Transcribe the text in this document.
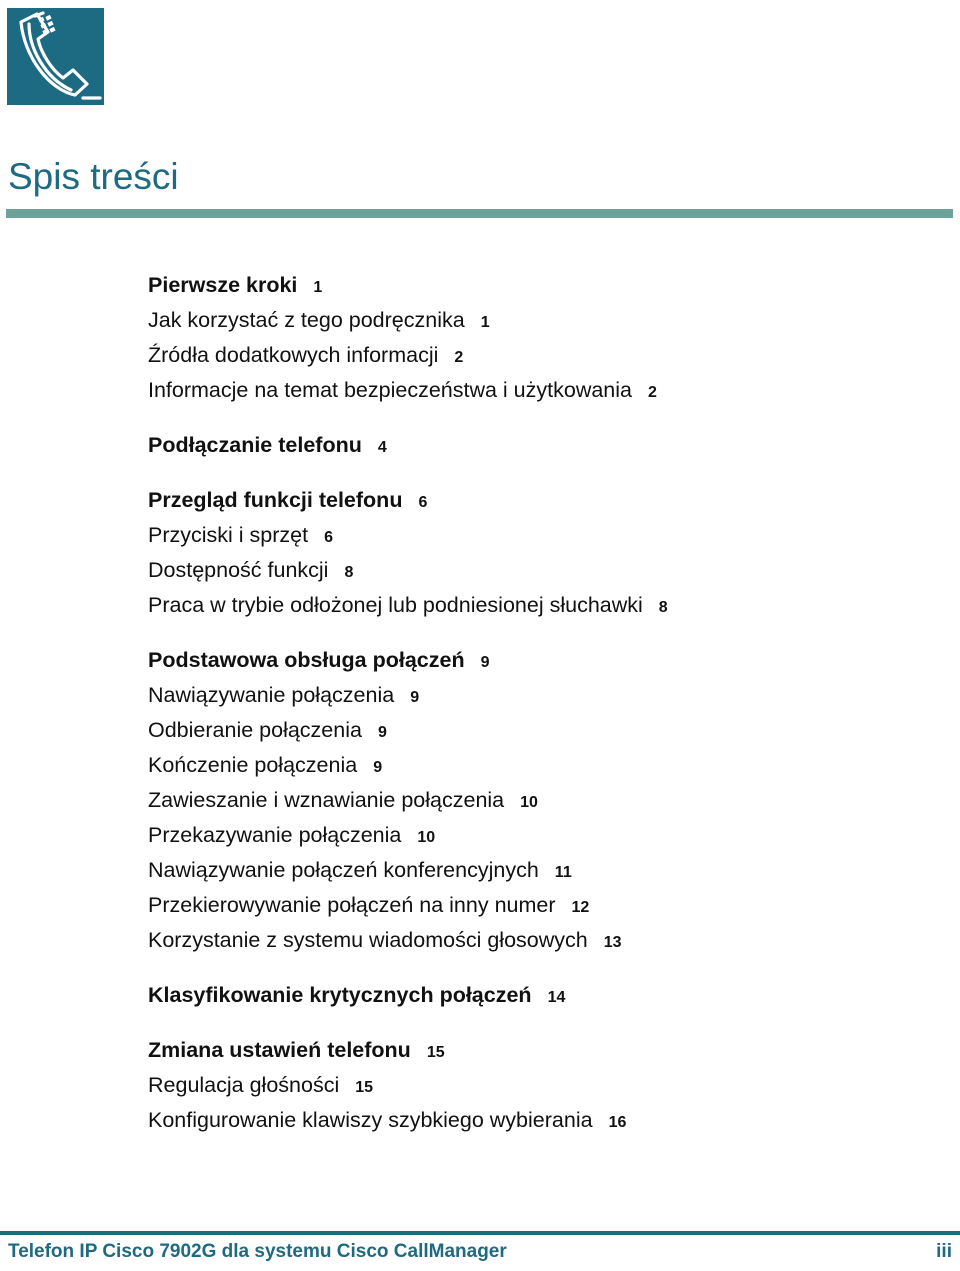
Spis treści
Pierwsze kroki 1
Jak korzystać z tego podręcznika 1
Źródła dodatkowych informacji 2
Informacje na temat bezpieczeństwa i użytkowania 2
Podłączanie telefonu 4
Przegląd funkcji telefonu 6
Przyciski i sprzęt 6
Dostępność funkcji 8
Praca w trybie odłożonej lub podniesionej słuchawki 8
Podstawowa obsługa połączeń 9
Nawiązywanie połączenia 9
Odbieranie połączenia 9
Kończenie połączenia 9
Zawieszanie i wznawianie połączenia 10
Przekazywanie połączenia 10
Nawiązywanie połączeń konferencyjnych 11
Przekierowywanie połączeń na inny numer 12
Korzystanie z systemu wiadomości głosowych 13
Klasyfikowanie krytycznych połączeń 14
Zmiana ustawień telefonu 15
Regulacja głośności 15
Konfigurowanie klawiszy szybkiego wybierania 16
Telefon IP Cisco 7902G dla systemu Cisco CallManager	iii
